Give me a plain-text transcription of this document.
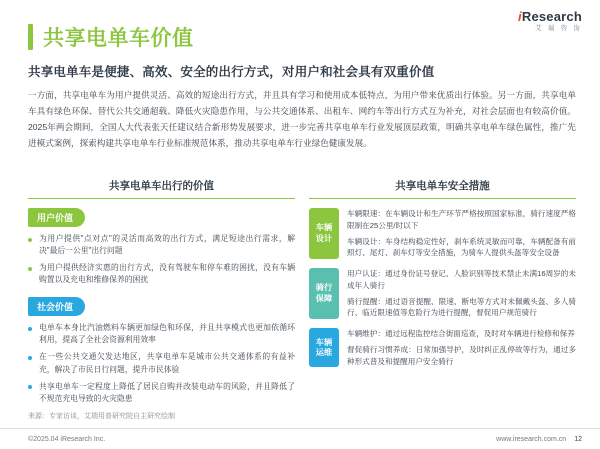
iResearch
艾 瑞 咨 询
共享电单车价值
共享电单车是便捷、高效、安全的出行方式，对用户和社会具有双重价值
一方面，共享电单车为用户提供灵活、高效的短途出行方式，并且具有学习和使用成本低特点，为用户带来优质出行体验。另一方面，共享电单车具有绿色环保、替代公共交通超载、降低火灾隐患作用，与公共交通体系、出租车、网约车等出行方式互为补充，对社会层面也有较高价值。2025年两会期间，全国人大代表张天任建议结合新形势发展要求，进一步完善共享电单车行业发展顶层政策，明确共享电单车绿色属性，推广先进模式案例，探索构建共享电单车行业标准规范体系，推动共享电单车行业绿色健康发展。
共享电单车出行的价值
用户价值
为用户提供"点对点"的灵活而高效的出行方式，满足短途出行需求，解决"最后一公里"出行问题
为用户提供经济实惠的出行方式，没有驾驶车和停车难的困扰，没有车辆购置以及充电和维修保养的困扰
社会价值
电单车本身比汽油燃料车辆更加绿色和环保，并且共享模式也更加依循环利用，提高了全社会资源利用效率
在一些公共交通欠发达地区，共享电单车是城市公共交通体系的有益补充，解决了市民日行问题，提升市民体验
共享电单车一定程度上降低了居民自购并改装电动车的风险，并且降低了不规范充电导致的火灾隐患
共享电单车安全措施
车辆
设计

车辆限速：在车辆设计和生产环节严格按照国家标准，骑行速度严格限制在25公里/时以下

车辆设计：车身结构稳定性好，刹车系统灵敏而可靠，车辆配备有前照灯、尾灯、刹车灯等安全措施，为骑车人提供头盔等安全设备

骑行
保障

用户认证：通过身份证号登记、人脸识别等技术禁止未满16周岁的未成年人骑行

骑行提醒：通过语音提醒、限速、断电等方式对未佩戴头盔、多人骑行、临近限速值等危险行为进行提醒，督促用户规范骑行

车辆
运维

车辆维护：通过远程监控结合街面巡查，及时对车辆进行检修和保养

督促骑行习惯养成：日常加强导护，及时纠正乱停故等行为，通过多种形式普及和提醒用户安全骑行

来源：专家访谈，艾瑞用普研究院自主研究绘制
©2025.04 iResearch Inc.	www.iresearch.com.cn 12
